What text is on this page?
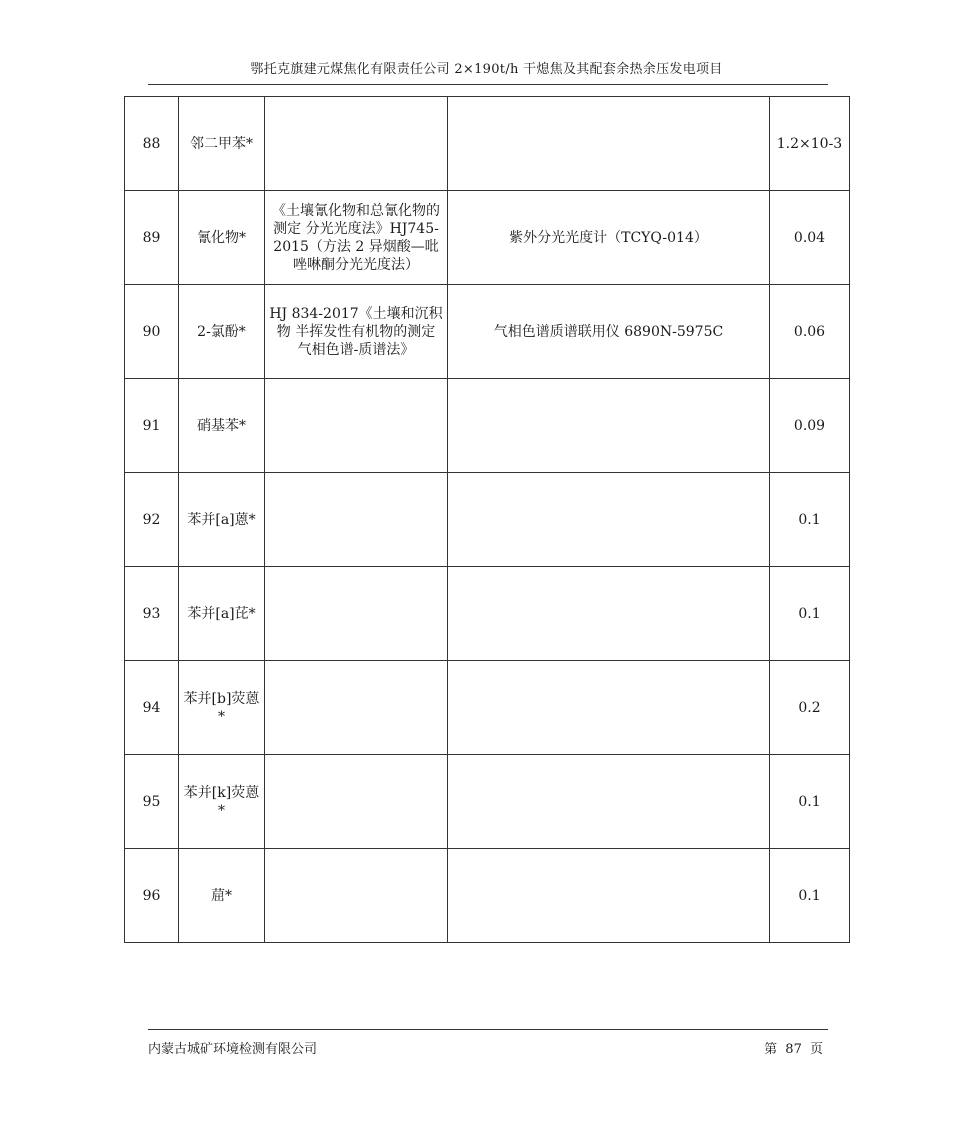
鄂托克旗建元煤焦化有限责任公司 2×190t/h 干熄焦及其配套余热余压发电项目
88	邻二甲苯*			1.2×10-3
89	氰化物*	《土壤氰化物和总氰化物的测定 分光光度法》HJ745-2015（方法 2 异烟酸—吡唑啉酮分光光度法）	紫外分光光度计（TCYQ-014）	0.04
90	2-氯酚*	HJ 834-2017《土壤和沉积物 半挥发性有机物的测定 气相色谱-质谱法》	气相色谱质谱联用仪 6890N-5975C	0.06
91	硝基苯*			0.09
92	苯并[a]蒽*			0.1
93	苯并[a]芘*			0.1
94	苯并[b]荧蒽*			0.2
95	苯并[k]荧蒽*			0.1
96	䓛*			0.1
内蒙古城矿环境检测有限公司	第 87 页
